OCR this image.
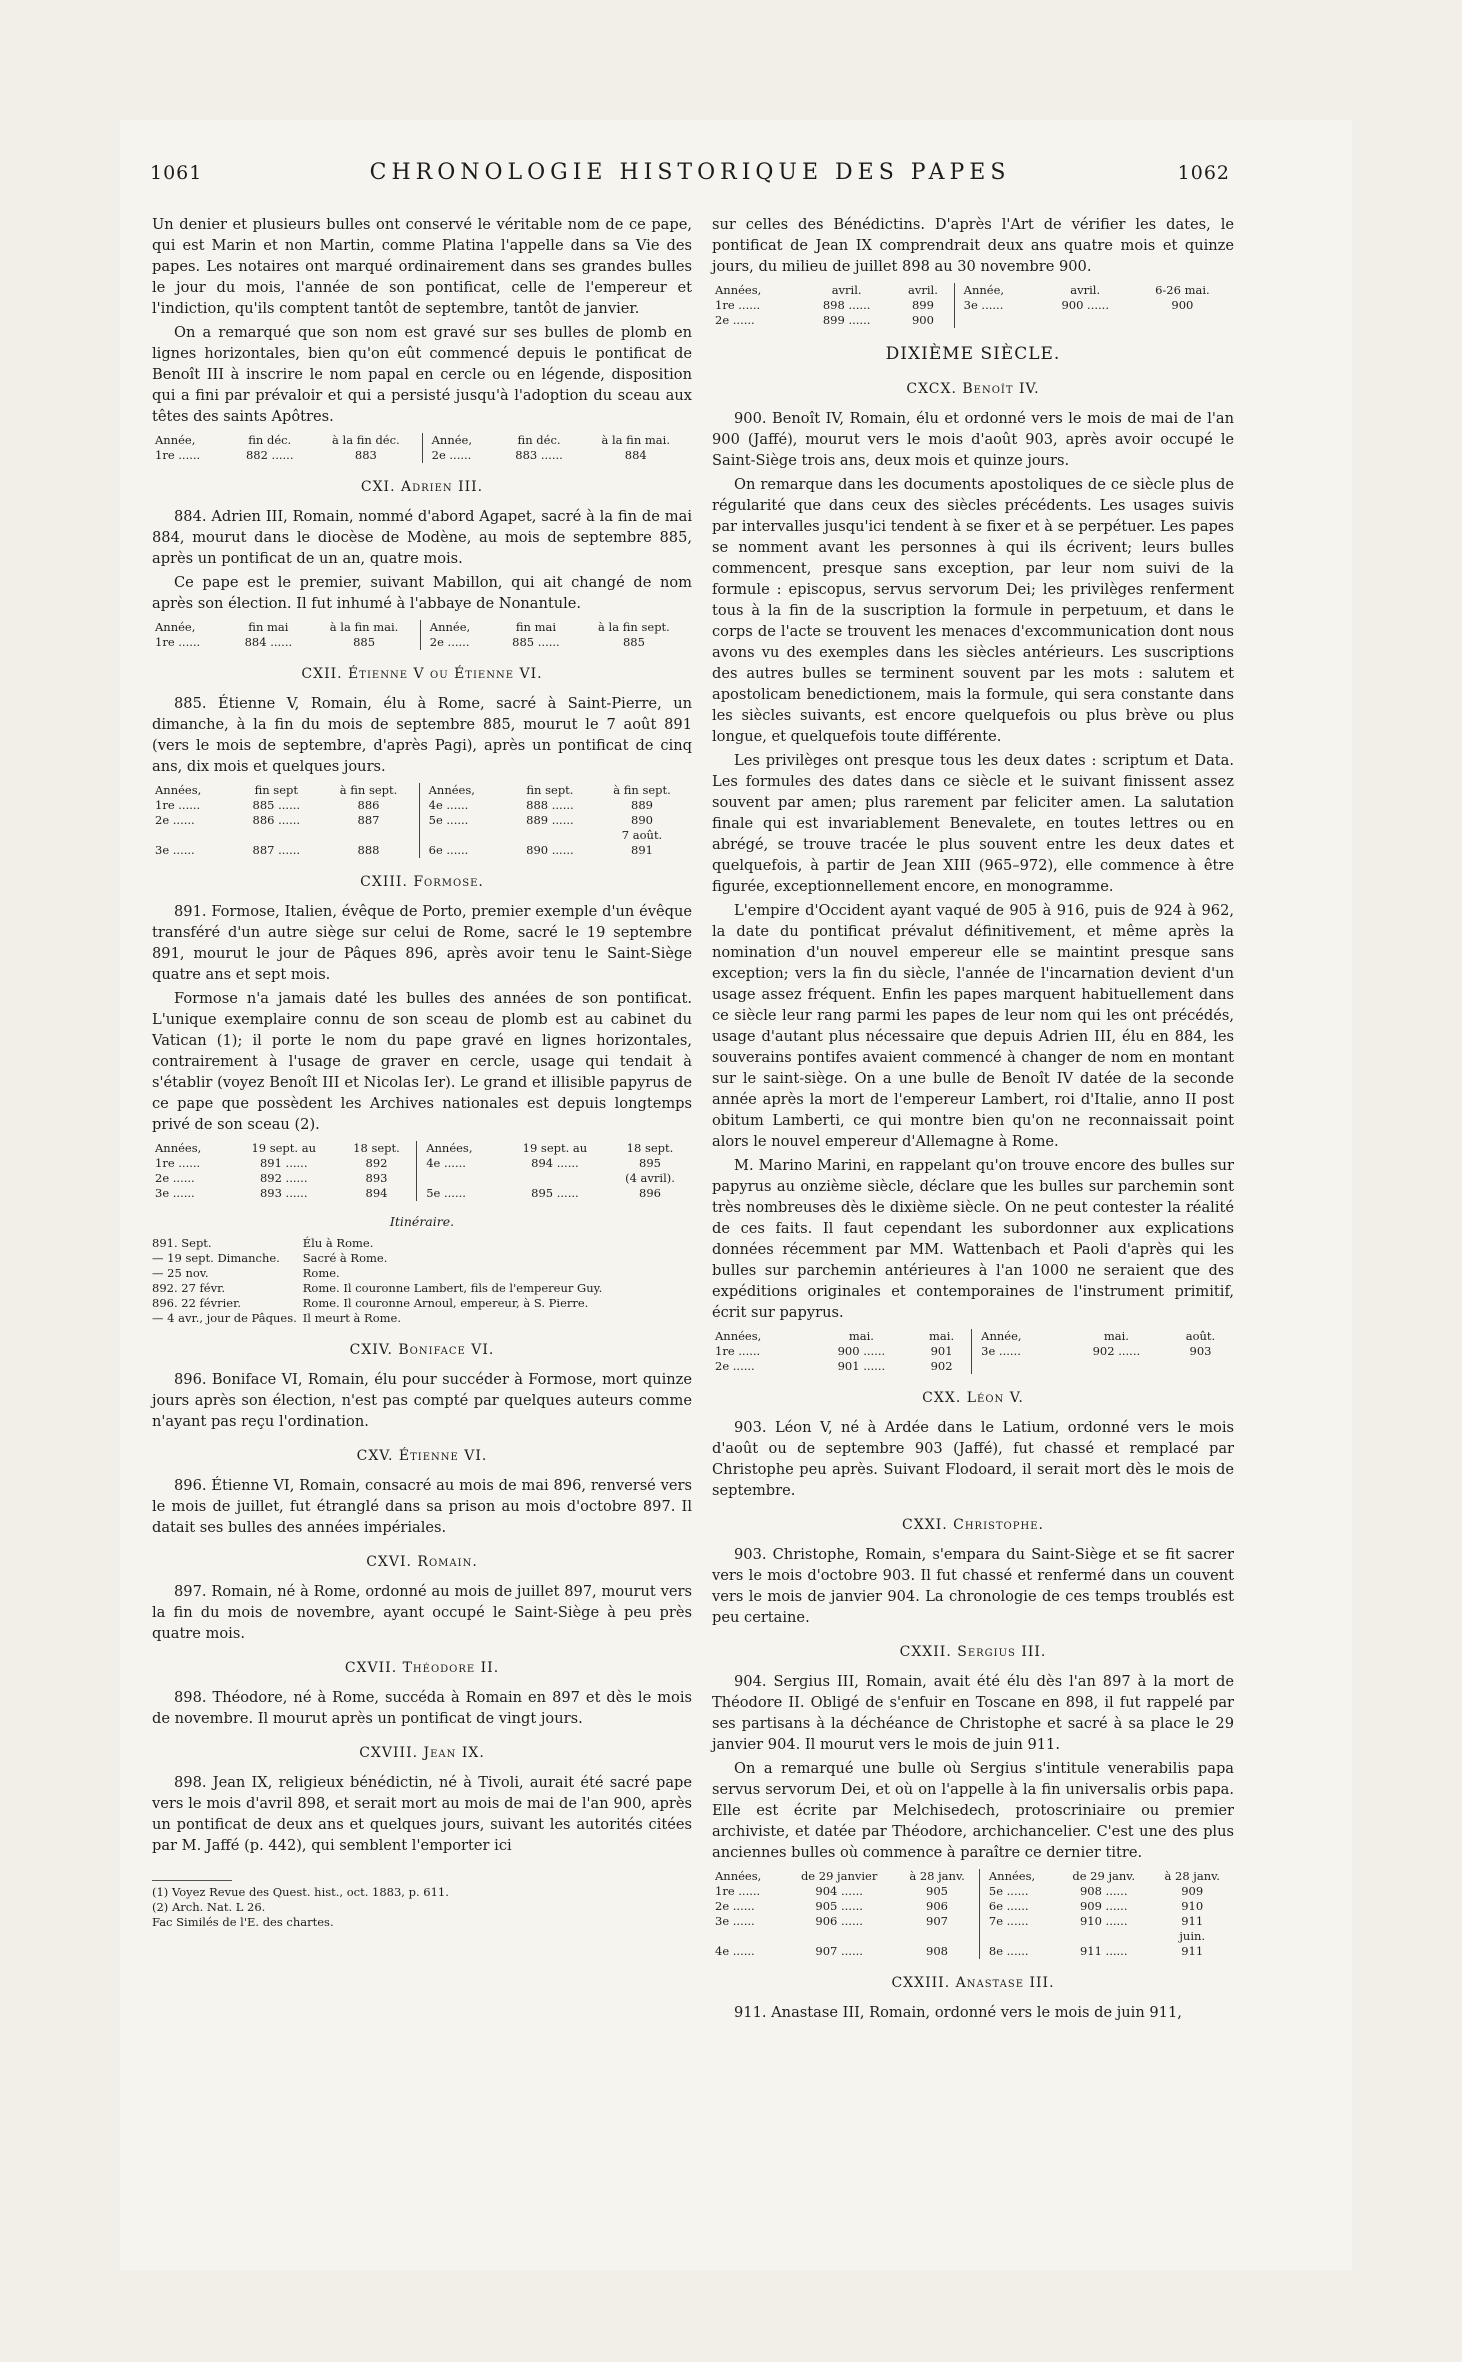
1061	CHRONOLOGIE HISTORIQUE DES PAPES	1062

Un denier et plusieurs bulles ont conservé le véritable nom de ce pape, qui est Marin et non Martin, comme Platina l'appelle dans sa Vie des papes. Les notaires ont marqué ordinairement dans ses grandes bulles le jour du mois, l'année de son pontificat, celle de l'empereur et l'indiction, qu'ils comptent tantôt de septembre, tantôt de janvier.

On a remarqué que son nom est gravé sur ses bulles de plomb en lignes horizontales, bien qu'on eût commencé depuis le pontificat de Benoît III à inscrire le nom papal en cercle ou en légende, disposition qui a fini par prévaloir et qui a persisté jusqu'à l'adoption du sceau aux têtes des saints Apôtres.

Année,	fin déc.	à la fin déc.		Année,	fin déc.	à la fin mai.
1re ......	882 ......	883		2e ......	883 ......	884
CXI. Adrien III.

884. Adrien III, Romain, nommé d'abord Agapet, sacré à la fin de mai 884, mourut dans le diocèse de Modène, au mois de septembre 885, après un pontificat de un an, quatre mois.

Ce pape est le premier, suivant Mabillon, qui ait changé de nom après son élection. Il fut inhumé à l'abbaye de Nonantule.

Année,	fin mai	à la fin mai.		Année,	fin mai	à la fin sept.
1re ......	884 ......	885		2e ......	885 ......	885
CXII. Étienne V ou Étienne VI.

885. Étienne V, Romain, élu à Rome, sacré à Saint-Pierre, un dimanche, à la fin du mois de septembre 885, mourut le 7 août 891 (vers le mois de septembre, d'après Pagi), après un pontificat de cinq ans, dix mois et quelques jours.

Années,	fin sept	à fin sept.		Années,	fin sept.	à fin sept.
1re ......	885 ......	886		4e ......	888 ......	889
2e ......	886 ......	887		5e ......	889 ......	890
						7 août.
3e ......	887 ......	888		6e ......	890 ......	891
CXIII. Formose.

891. Formose, Italien, évêque de Porto, premier exemple d'un évêque transféré d'un autre siège sur celui de Rome, sacré le 19 septembre 891, mourut le jour de Pâques 896, après avoir tenu le Saint-Siège quatre ans et sept mois.

Formose n'a jamais daté les bulles des années de son pontificat. L'unique exemplaire connu de son sceau de plomb est au cabinet du Vatican (1); il porte le nom du pape gravé en lignes horizontales, contrairement à l'usage de graver en cercle, usage qui tendait à s'établir (voyez Benoît III et Nicolas Ier). Le grand et illisible papyrus de ce pape que possèdent les Archives nationales est depuis longtemps privé de son sceau (2).

Années,	19 sept. au	18 sept.		Années,	19 sept. au	18 sept.
1re ......	891 ......	892		4e ......	894 ......	895
2e ......	892 ......	893				(4 avril).
3e ......	893 ......	894		5e ......	895 ......	896
Itinéraire.
891. Sept.	Élu à Rome.
— 19 sept. Dimanche.	Sacré à Rome.
— 25 nov.	Rome.
892. 27 févr.	Rome. Il couronne Lambert, fils de l'empereur Guy.
896. 22 février.	Rome. Il couronne Arnoul, empereur, à S. Pierre.
— 4 avr., jour de Pâques.	Il meurt à Rome.
CXIV. Boniface VI.

896. Boniface VI, Romain, élu pour succéder à Formose, mort quinze jours après son élection, n'est pas compté par quelques auteurs comme n'ayant pas reçu l'ordination.

CXV. Étienne VI.

896. Étienne VI, Romain, consacré au mois de mai 896, renversé vers le mois de juillet, fut étranglé dans sa prison au mois d'octobre 897. Il datait ses bulles des années impériales.

CXVI. Romain.

897. Romain, né à Rome, ordonné au mois de juillet 897, mourut vers la fin du mois de novembre, ayant occupé le Saint-Siège à peu près quatre mois.

CXVII. Théodore II.

898. Théodore, né à Rome, succéda à Romain en 897 et dès le mois de novembre. Il mourut après un pontificat de vingt jours.

CXVIII. Jean IX.

898. Jean IX, religieux bénédictin, né à Tivoli, aurait été sacré pape vers le mois d'avril 898, et serait mort au mois de mai de l'an 900, après un pontificat de deux ans et quelques jours, suivant les autorités citées par M. Jaffé (p. 442), qui semblent l'emporter ici

(1) Voyez Revue des Quest. hist., oct. 1883, p. 611.
(2) Arch. Nat. L 26.
Fac Similés de l'E. des chartes.

sur celles des Bénédictins. D'après l'Art de vérifier les dates, le pontificat de Jean IX comprendrait deux ans quatre mois et quinze jours, du milieu de juillet 898 au 30 novembre 900.

Années,	avril.	avril.		Année,	avril.	6-26 mai.
1re ......	898 ......	899		3e ......	900 ......	900
2e ......	899 ......	900				
DIXIÈME SIÈCLE.
CXCX. Benoît IV.

900. Benoît IV, Romain, élu et ordonné vers le mois de mai de l'an 900 (Jaffé), mourut vers le mois d'août 903, après avoir occupé le Saint-Siège trois ans, deux mois et quinze jours.

On remarque dans les documents apostoliques de ce siècle plus de régularité que dans ceux des siècles précédents. Les usages suivis par intervalles jusqu'ici tendent à se fixer et à se perpétuer. Les papes se nomment avant les personnes à qui ils écrivent; leurs bulles commencent, presque sans exception, par leur nom suivi de la formule : episcopus, servus servorum Dei; les privilèges renferment tous à la fin de la suscription la formule in perpetuum, et dans le corps de l'acte se trouvent les menaces d'excommunication dont nous avons vu des exemples dans les siècles antérieurs. Les suscriptions des autres bulles se terminent souvent par les mots : salutem et apostolicam benedictionem, mais la formule, qui sera constante dans les siècles suivants, est encore quelquefois ou plus brève ou plus longue, et quelquefois toute différente.

Les privilèges ont presque tous les deux dates : scriptum et Data. Les formules des dates dans ce siècle et le suivant finissent assez souvent par amen; plus rarement par feliciter amen. La salutation finale qui est invariablement Benevalete, en toutes lettres ou en abrégé, se trouve tracée le plus souvent entre les deux dates et quelquefois, à partir de Jean XIII (965–972), elle commence à être figurée, exceptionnellement encore, en monogramme.

L'empire d'Occident ayant vaqué de 905 à 916, puis de 924 à 962, la date du pontificat prévalut définitivement, et même après la nomination d'un nouvel empereur elle se maintint presque sans exception; vers la fin du siècle, l'année de l'incarnation devient d'un usage assez fréquent. Enfin les papes marquent habituellement dans ce siècle leur rang parmi les papes de leur nom qui les ont précédés, usage d'autant plus nécessaire que depuis Adrien III, élu en 884, les souverains pontifes avaient commencé à changer de nom en montant sur le saint-siège. On a une bulle de Benoît IV datée de la seconde année après la mort de l'empereur Lambert, roi d'Italie, anno II post obitum Lamberti, ce qui montre bien qu'on ne reconnaissait point alors le nouvel empereur d'Allemagne à Rome.

M. Marino Marini, en rappelant qu'on trouve encore des bulles sur papyrus au onzième siècle, déclare que les bulles sur parchemin sont très nombreuses dès le dixième siècle. On ne peut contester la réalité de ces faits. Il faut cependant les subordonner aux explications données récemment par MM. Wattenbach et Paoli d'après qui les bulles sur parchemin antérieures à l'an 1000 ne seraient que des expéditions originales et contemporaines de l'instrument primitif, écrit sur papyrus.

Années,	mai.	mai.		Année,	mai.	août.
1re ......	900 ......	901		3e ......	902 ......	903
2e ......	901 ......	902				
CXX. Léon V.

903. Léon V, né à Ardée dans le Latium, ordonné vers le mois d'août ou de septembre 903 (Jaffé), fut chassé et remplacé par Christophe peu après. Suivant Flodoard, il serait mort dès le mois de septembre.

CXXI. Christophe.

903. Christophe, Romain, s'empara du Saint-Siège et se fit sacrer vers le mois d'octobre 903. Il fut chassé et renfermé dans un couvent vers le mois de janvier 904. La chronologie de ces temps troublés est peu certaine.

CXXII. Sergius III.

904. Sergius III, Romain, avait été élu dès l'an 897 à la mort de Théodore II. Obligé de s'enfuir en Toscane en 898, il fut rappelé par ses partisans à la déchéance de Christophe et sacré à sa place le 29 janvier 904. Il mourut vers le mois de juin 911.

On a remarqué une bulle où Sergius s'intitule venerabilis papa servus servorum Dei, et où on l'appelle à la fin universalis orbis papa. Elle est écrite par Melchisedech, protoscriniaire ou premier archiviste, et datée par Théodore, archichancelier. C'est une des plus anciennes bulles où commence à paraître ce dernier titre.

Années,	de 29 janvier	à 28 janv.		Années,	de 29 janv.	à 28 janv.
1re ......	904 ......	905		5e ......	908 ......	909
2e ......	905 ......	906		6e ......	909 ......	910
3e ......	906 ......	907		7e ......	910 ......	911
						juin.
4e ......	907 ......	908		8e ......	911 ......	911
CXXIII. Anastase III.

911. Anastase III, Romain, ordonné vers le mois de juin 911,
